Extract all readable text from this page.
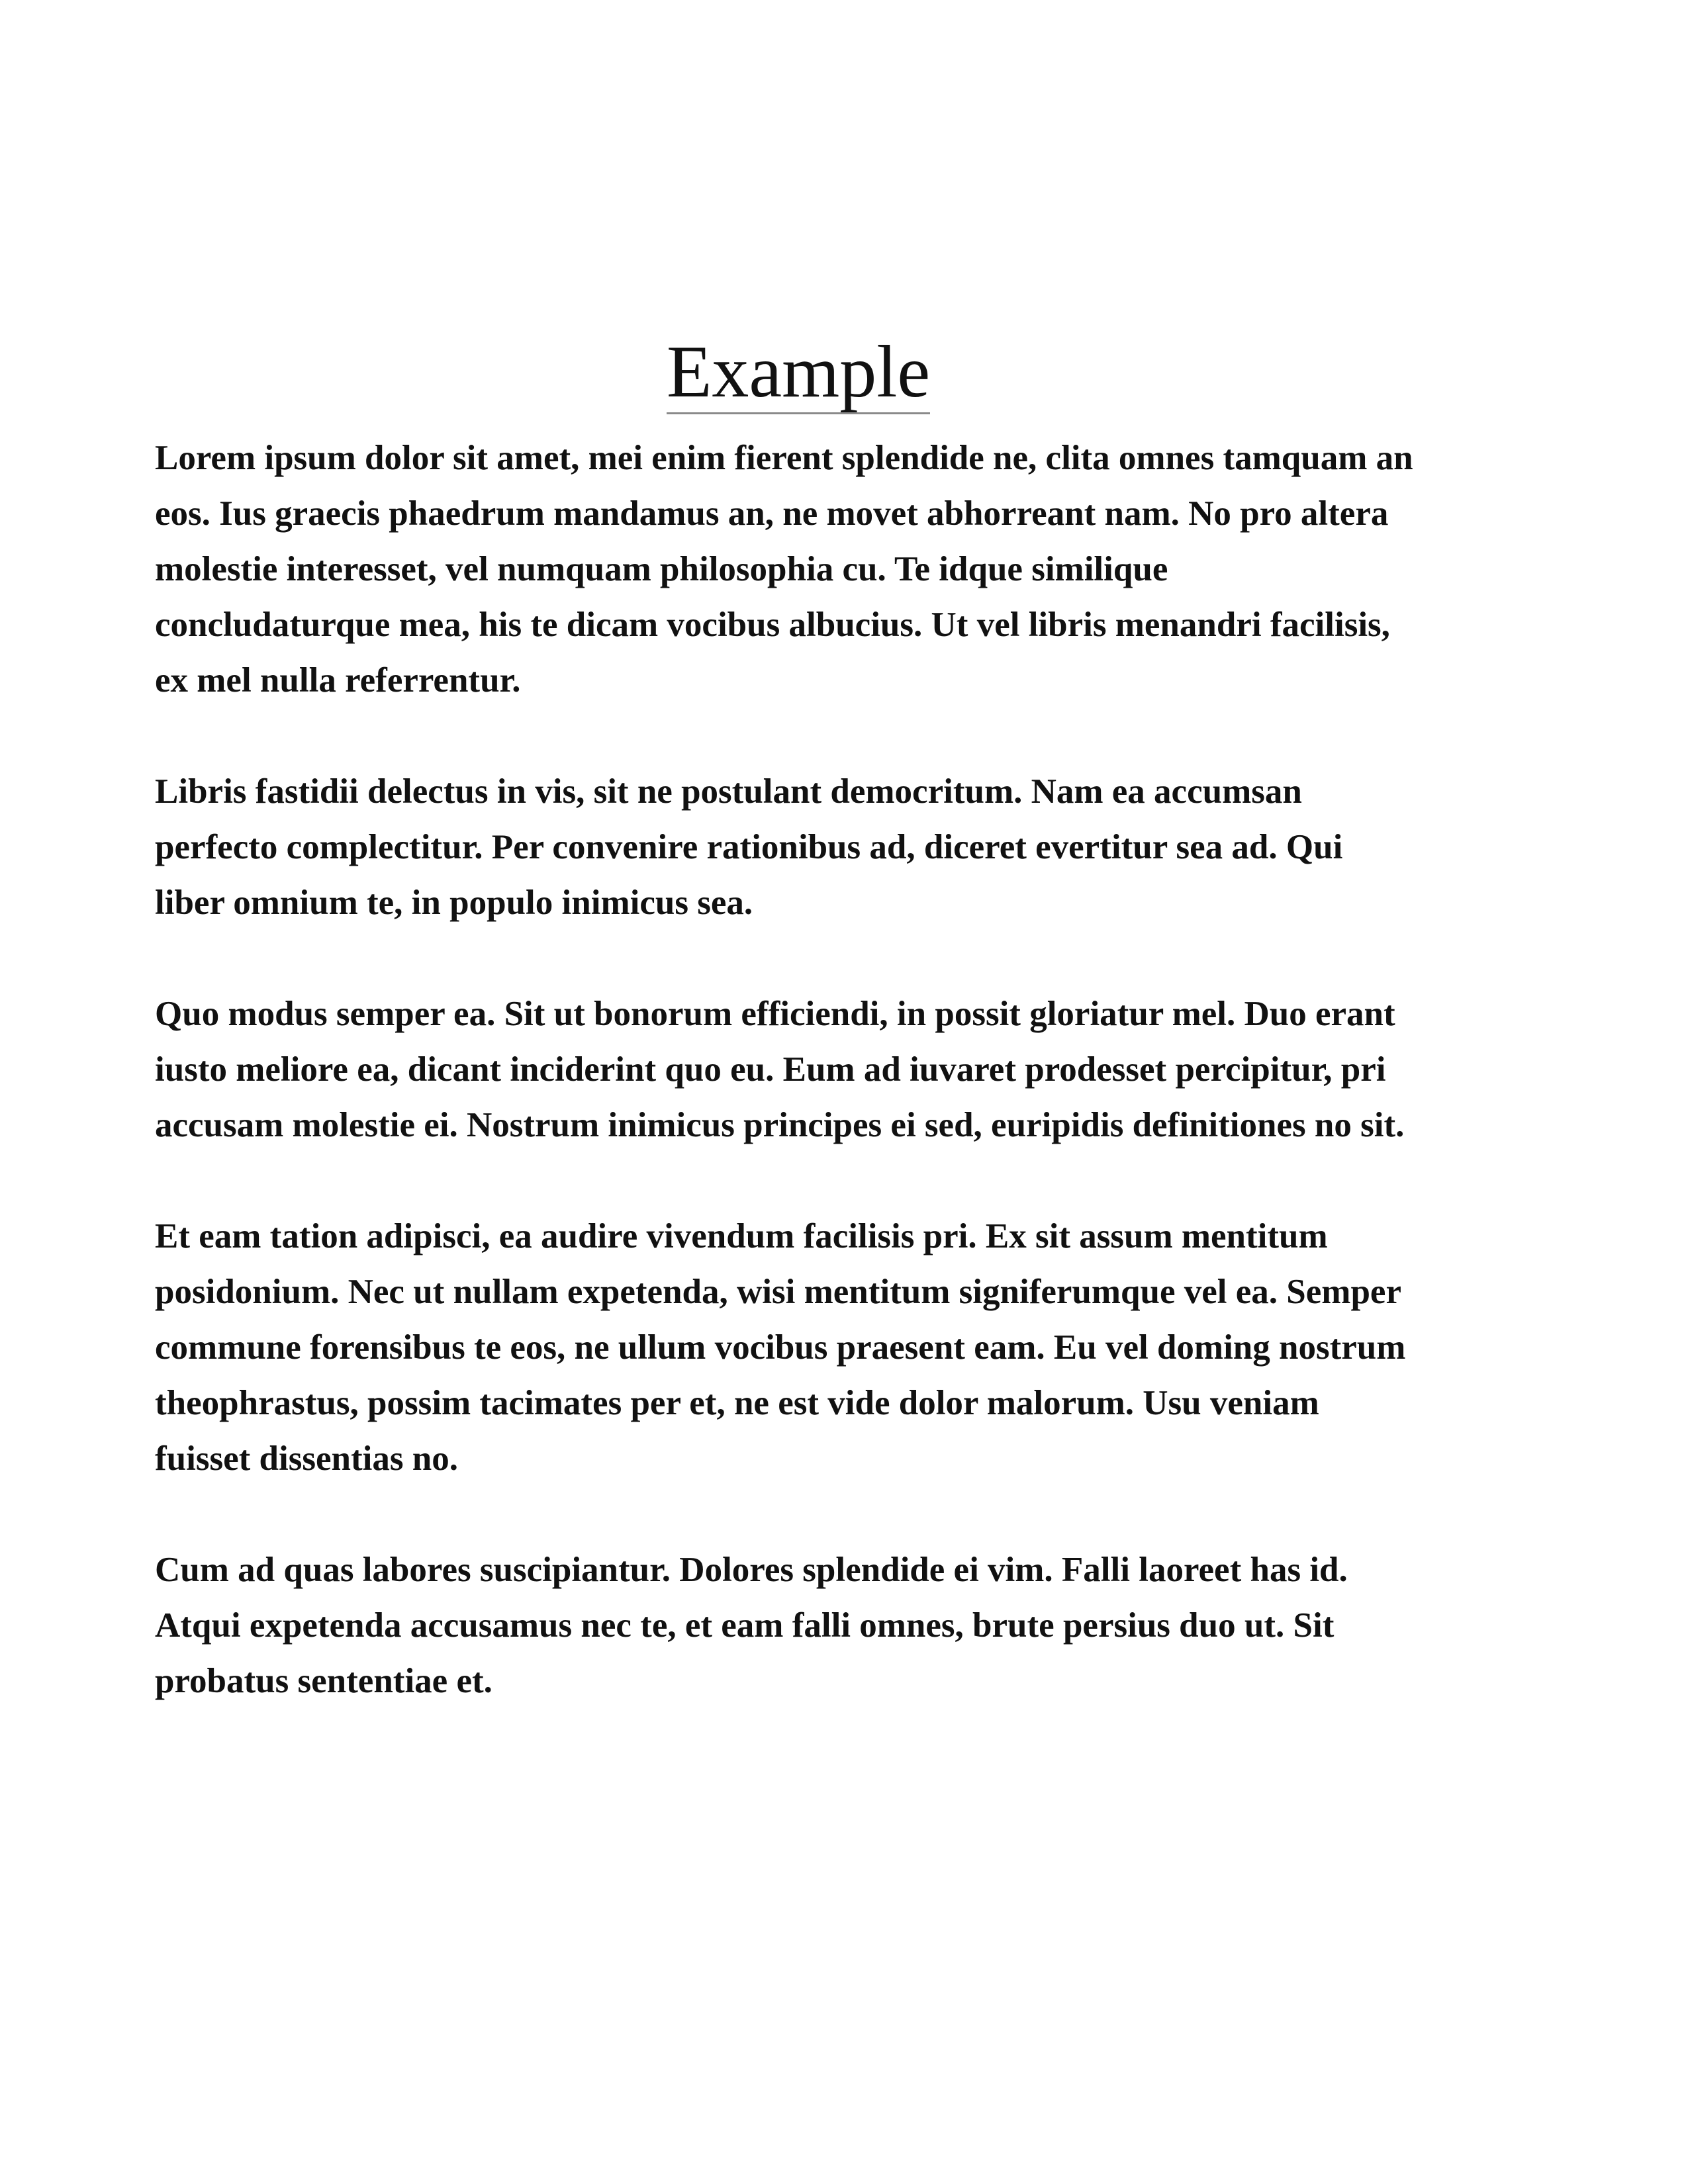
Example

Lorem ipsum dolor sit amet, mei enim fierent splendide ne, clita omnes tamquam an
eos. Ius graecis phaedrum mandamus an, ne movet abhorreant nam. No pro altera
molestie interesset, vel numquam philosophia cu. Te idque similique
concludaturque mea, his te dicam vocibus albucius. Ut vel libris menandri facilisis,
ex mel nulla referrentur.

Libris fastidii delectus in vis, sit ne postulant democritum. Nam ea accumsan
perfecto complectitur. Per convenire rationibus ad, diceret evertitur sea ad. Qui
liber omnium te, in populo inimicus sea.

Quo modus semper ea. Sit ut bonorum efficiendi, in possit gloriatur mel. Duo erant
iusto meliore ea, dicant inciderint quo eu. Eum ad iuvaret prodesset percipitur, pri
accusam molestie ei. Nostrum inimicus principes ei sed, euripidis definitiones no sit.

Et eam tation adipisci, ea audire vivendum facilisis pri. Ex sit assum mentitum
posidonium. Nec ut nullam expetenda, wisi mentitum signiferumque vel ea. Semper
commune forensibus te eos, ne ullum vocibus praesent eam. Eu vel doming nostrum
theophrastus, possim tacimates per et, ne est vide dolor malorum. Usu veniam
fuisset dissentias no.

Cum ad quas labores suscipiantur. Dolores splendide ei vim. Falli laoreet has id.
Atqui expetenda accusamus nec te, et eam falli omnes, brute persius duo ut. Sit
probatus sententiae et.
